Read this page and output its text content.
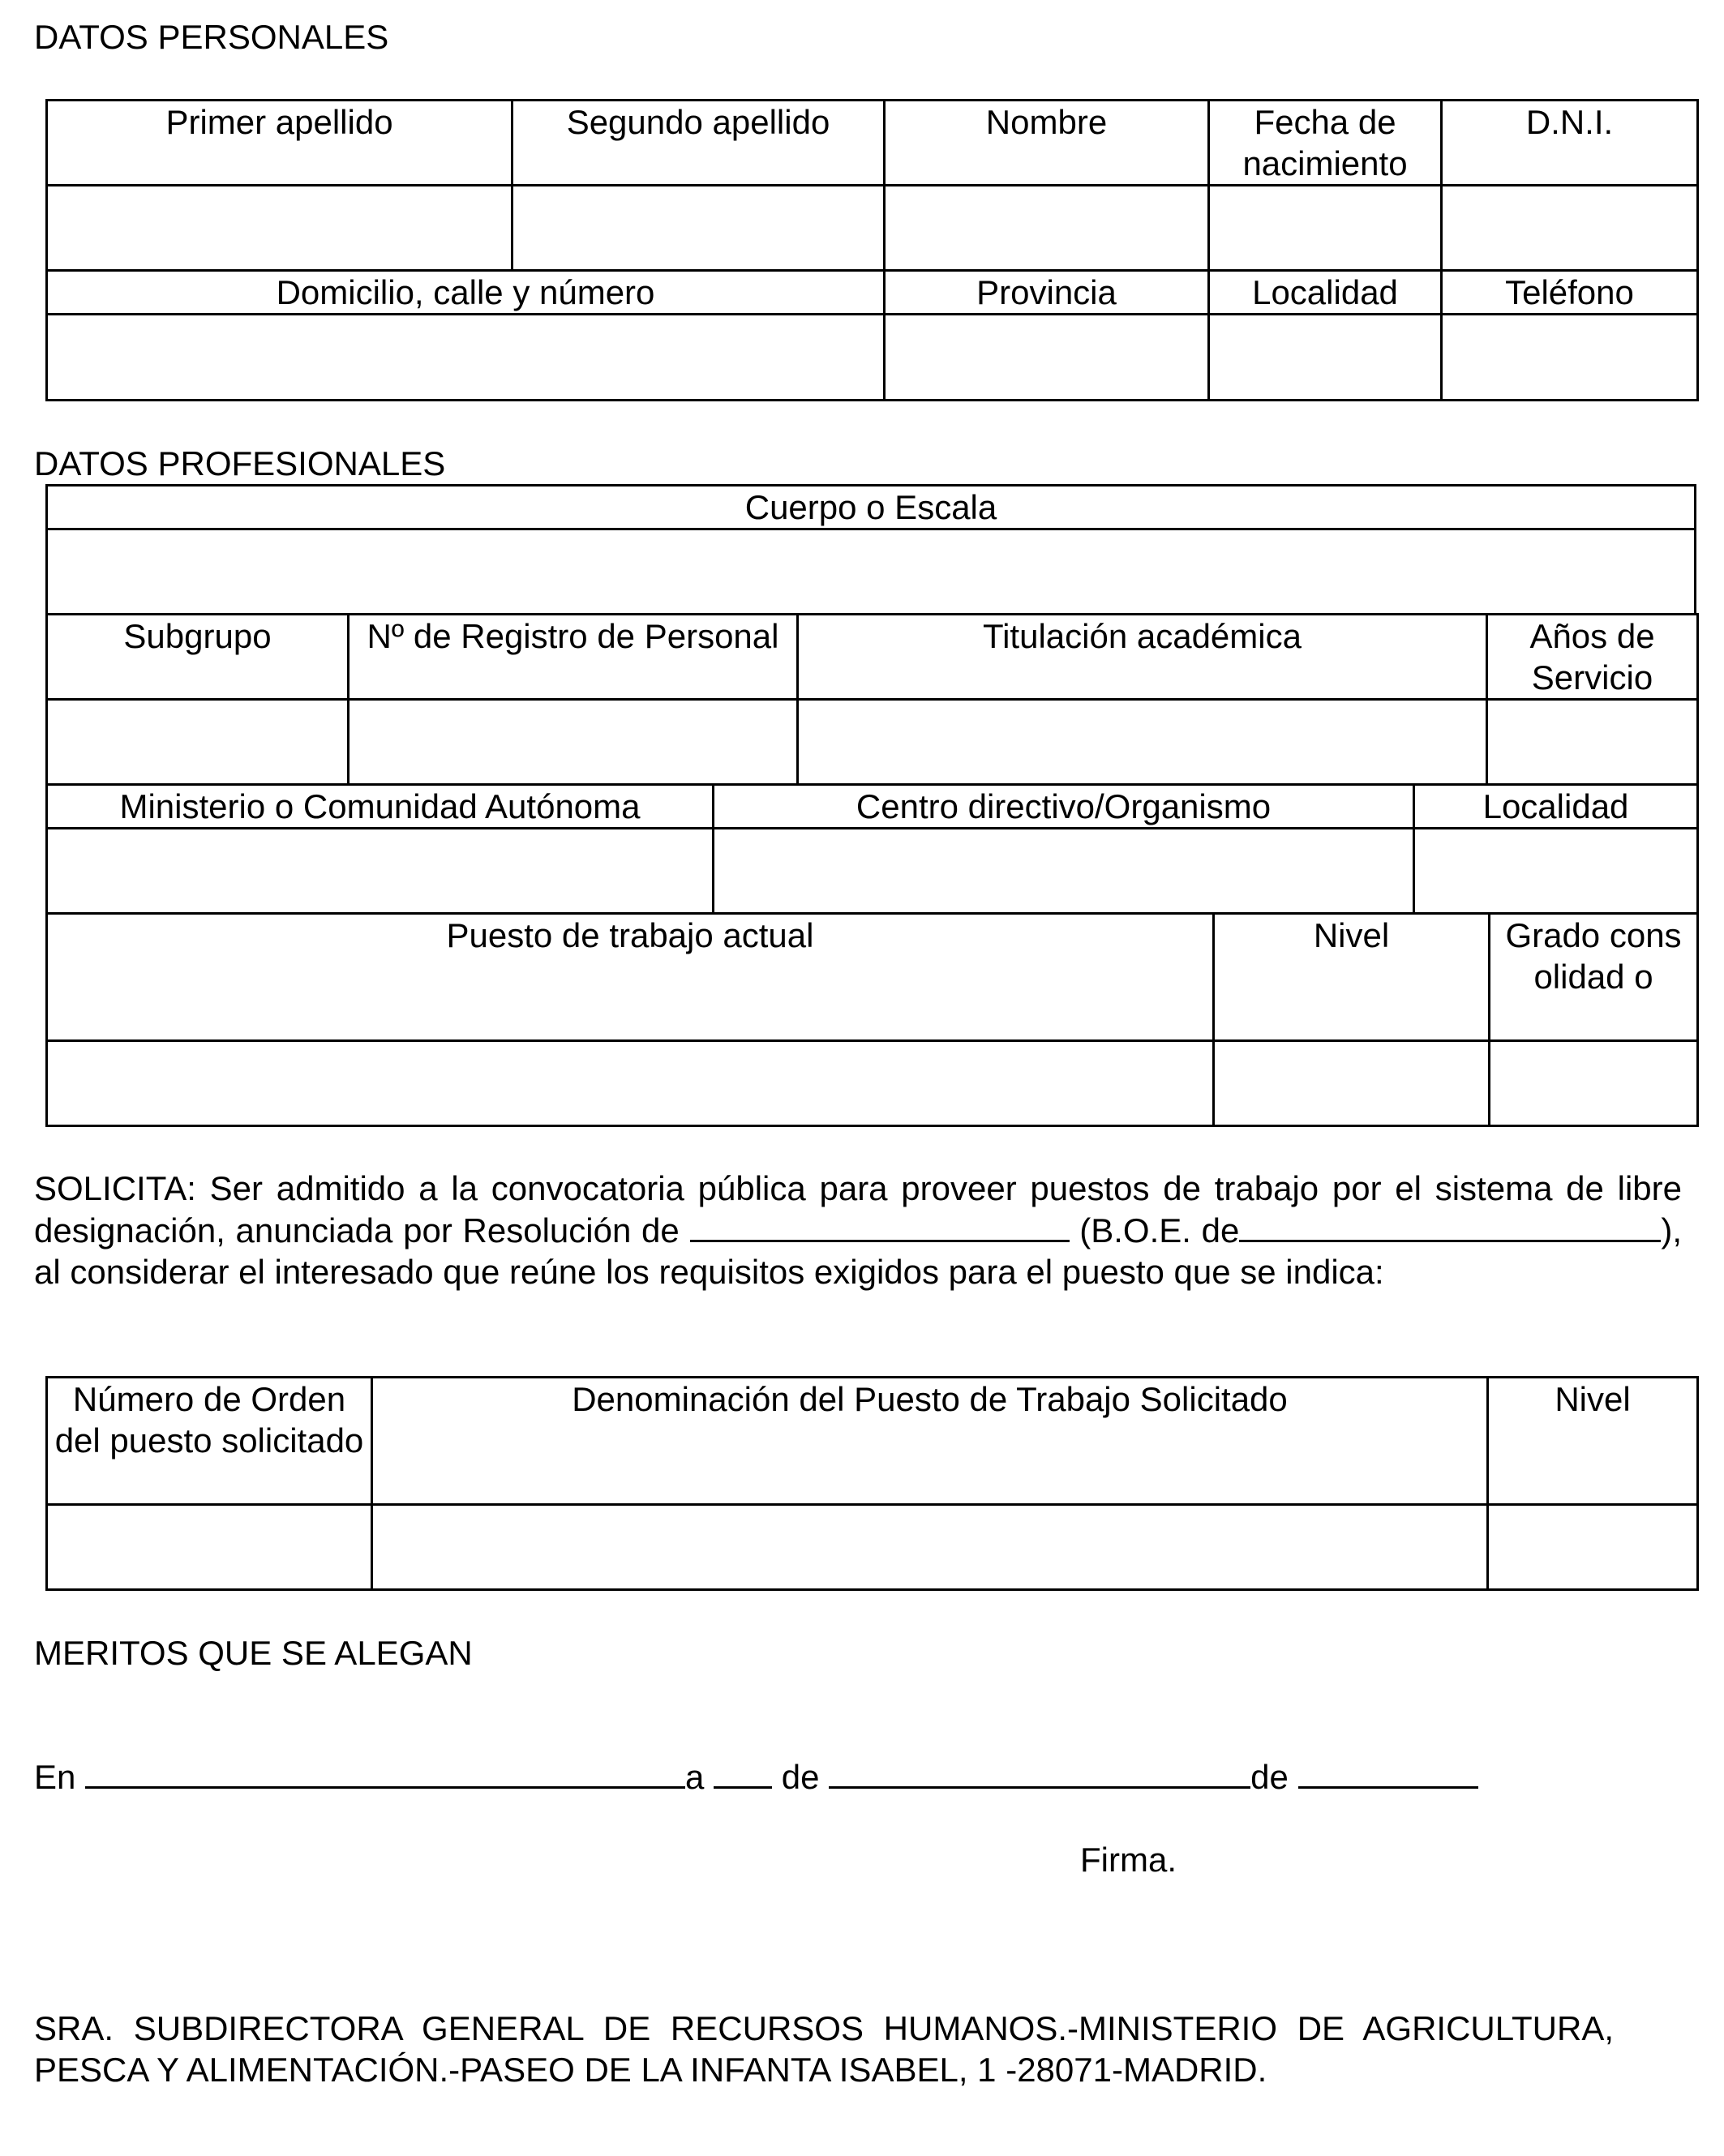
DATOS PERSONALES
Primer apellido	Segundo apellido	Nombre	Fecha de nacimiento	D.N.I.

Domicilio, calle y número		Provincia	Localidad	Teléfono

DATOS PROFESIONALES
Cuerpo o Escala

Subgrupo	Nº de Registro de Personal	Titulación académica	Años de Servicio

Ministerio o Comunidad Autónoma	Centro directivo/Organismo	Localidad

Puesto de trabajo actual	Nivel	Grado consolidad o

SOLICITA: Ser admitido a la convocatoria pública para proveer puestos de trabajo por el sistema de libre designación, anunciada por Resolución de	(B.O.E. de	), al considerar el interesado que reúne los requisitos exigidos para el puesto que se indica:
Número de Orden del puesto solicitado	Denominación del Puesto de Trabajo Solicitado	Nivel

MERITOS QUE SE ALEGAN
En	a de	de
Firma.
SRA. SUBDIRECTORA GENERAL DE RECURSOS HUMANOS.-MINISTERIO DE AGRICULTURA, PESCA Y ALIMENTACIÓN.-PASEO DE LA INFANTA ISABEL, 1 -28071-MADRID.
